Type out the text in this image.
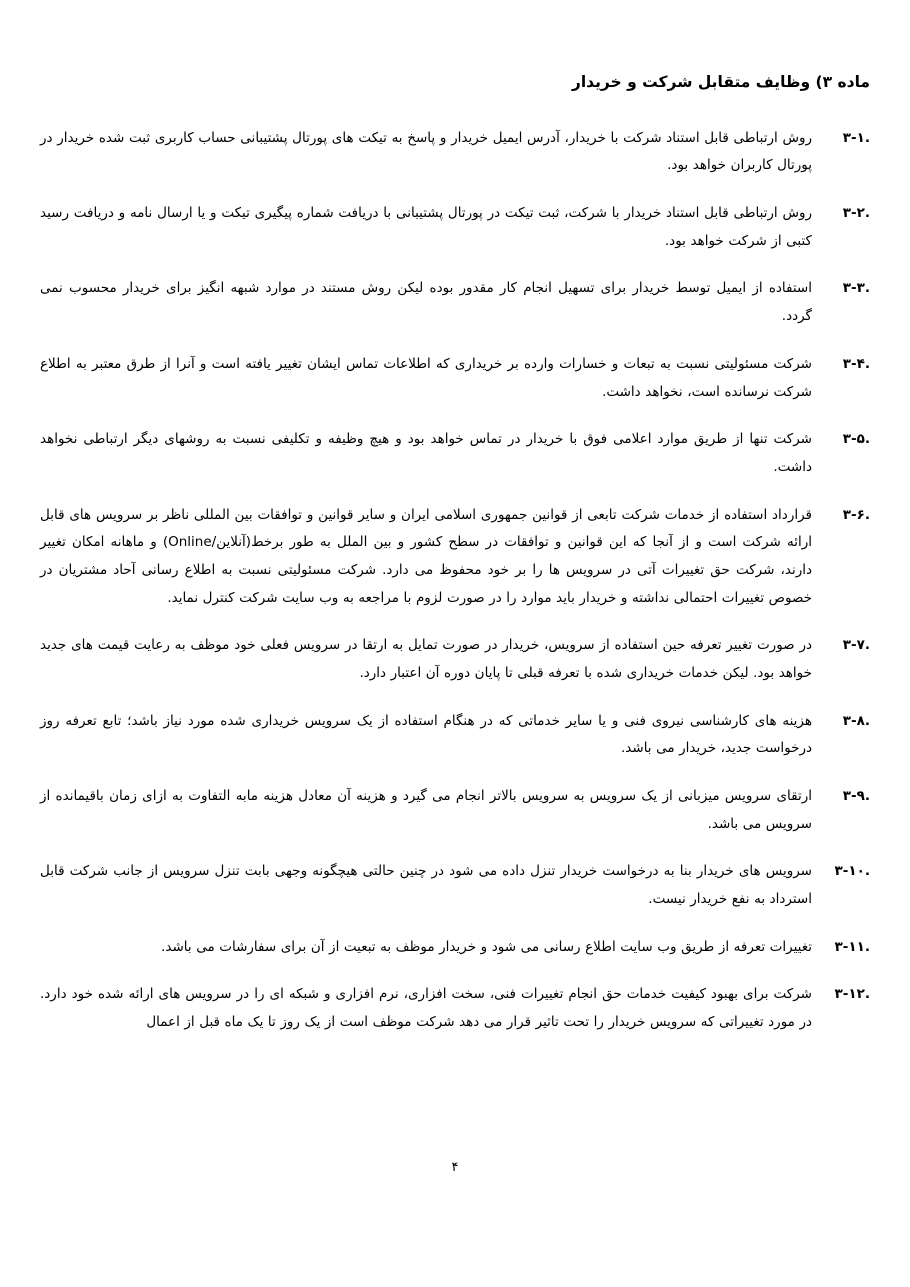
ماده ۳) وظایف متقابل شرکت و خریدار
۳-۱.
روش ارتباطی قابل استناد شرکت با خریدار، آدرس ایمیل خریدار و پاسخ به تیکت های پورتال پشتیبانی حساب کاربری ثبت شده خریدار در پورتال کاربران خواهد بود.
۳-۲.
روش ارتباطی قابل استناد خریدار با شرکت، ثبت تیکت در پورتال پشتیبانی با دریافت شماره پیگیری تیکت و یا ارسال نامه و دریافت رسید کتبی از شرکت خواهد بود.
۳-۳.
استفاده از ایمیل توسط خریدار برای تسهیل انجام کار مقدور بوده لیکن روش مستند در موارد شبهه انگیز برای خریدار محسوب نمی گردد.
۳-۴.
شرکت مسئولیتی نسبت به تبعات و خسارات وارده بر خریداری که اطلاعات تماس ایشان تغییر یافته است و آنرا از طرق معتبر به اطلاع شرکت نرسانده است، نخواهد داشت.
۳-۵.
شرکت تنها از طریق موارد اعلامی فوق با خریدار در تماس خواهد بود و هیچ وظیفه و تکلیفی نسبت به روشهای دیگر ارتباطی نخواهد داشت.
۳-۶.
قرارداد استفاده از خدمات شرکت تابعی از قوانین جمهوری اسلامی ایران و سایر قوانین و توافقات بین المللی ناظر بر سرویس های قابل ارائه شرکت است و از آنجا که این قوانین و توافقات در سطح کشور و بین الملل به طور برخط(آنلاین/Online) و ماهانه امکان تغییر دارند، شرکت حق تغییرات آتی در سرویس ها را بر خود محفوظ می دارد. شرکت مسئولیتی نسبت به اطلاع رسانی آحاد مشتریان در خصوص تغییرات احتمالی نداشته و خریدار باید موارد را در صورت لزوم با مراجعه به وب سایت شرکت کنترل نماید.
۳-۷.
در صورت تغییر تعرفه حین استفاده از سرویس، خریدار در صورت تمایل به ارتقا در سرویس فعلی خود موظف به رعایت قیمت های جدید خواهد بود. لیکن خدمات خریداری شده با تعرفه قبلی تا پایان دوره آن اعتبار دارد.
۳-۸.
هزینه های کارشناسی نیروی فنی و یا سایر خدماتی که در هنگام استفاده از یک سرویس خریداری شده مورد نیاز باشد؛ تابع تعرفه روز درخواست جدید، خریدار می باشد.
۳-۹.
ارتقای سرویس میزبانی از یک سرویس به سرویس بالاتر انجام می گیرد و هزینه آن معادل هزینه مابه التفاوت به ازای زمان باقیمانده از سرویس می باشد.
۳-۱۰.
سرویس های خریدار بنا به درخواست خریدار تنزل داده می شود در چنین حالتی هیچگونه وجهی بابت تنزل سرویس از جانب شرکت قابل استرداد به نفع خریدار نیست.
۳-۱۱.
تغییرات تعرفه از طریق وب سایت اطلاع رسانی می شود و خریدار موظف به تبعیت از آن برای سفارشات می باشد.
۳-۱۲.
شرکت برای بهبود کیفیت خدمات حق انجام تغییرات فنی، سخت افزاری، نرم افزاری و شبکه ای را در سرویس های ارائه شده خود دارد. در مورد تغییراتی که سرویس خریدار را تحت تاثیر قرار می دهد شرکت موظف است از یک روز تا یک ماه قبل از اعمال
۴
